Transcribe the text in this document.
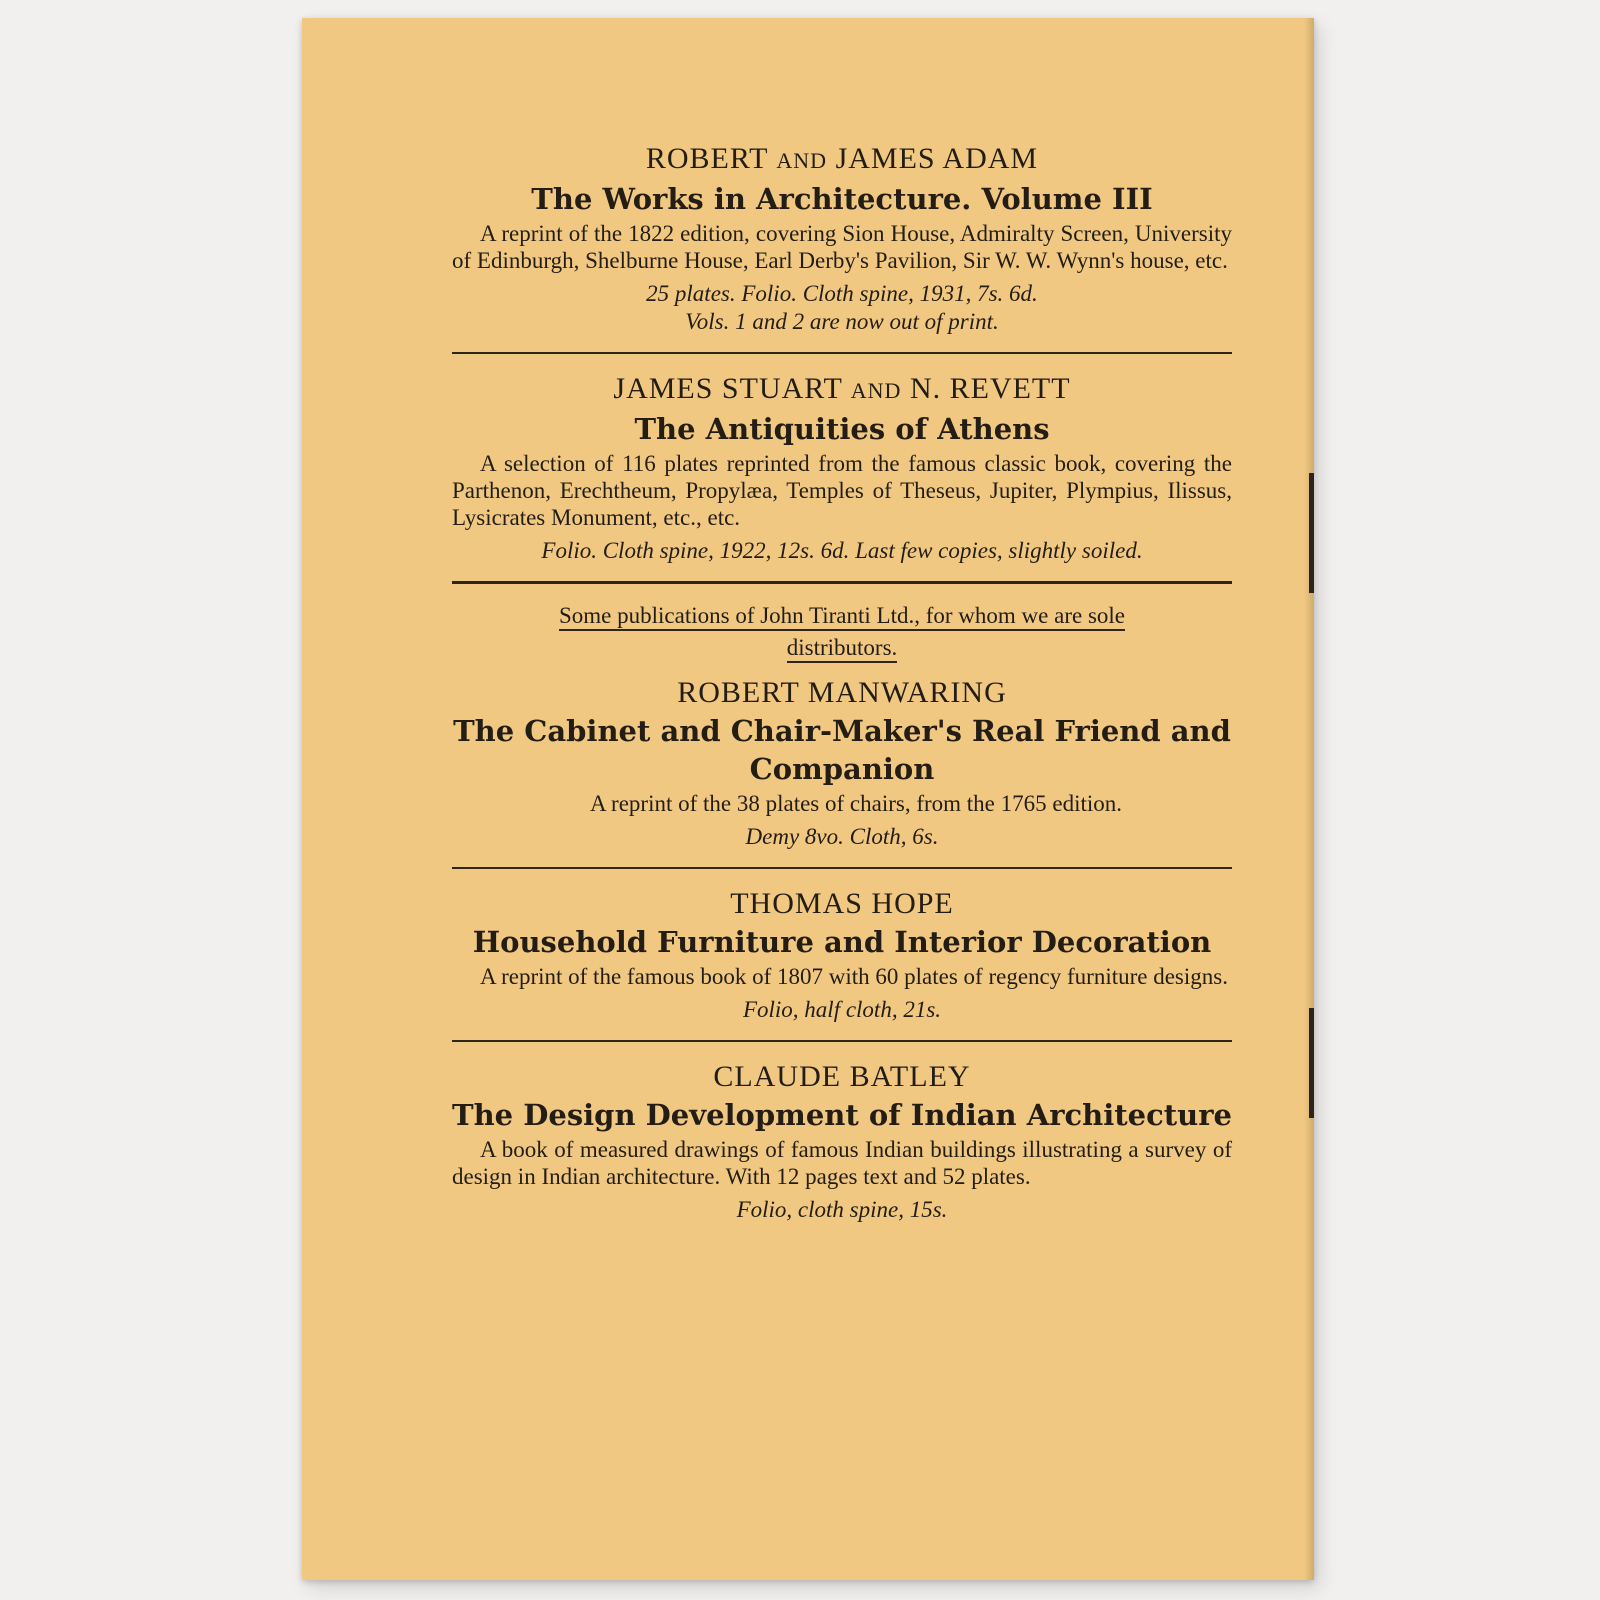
ROBERT AND JAMES ADAM

The Works in Architecture. Volume III

A reprint of the 1822 edition, covering Sion House, Admiralty Screen, University of Edinburgh, Shelburne House, Earl Derby's Pavilion, Sir W. W. Wynn's house, etc.

25 plates. Folio. Cloth spine, 1931, 7s. 6d.

Vols. 1 and 2 are now out of print.

JAMES STUART AND N. REVETT

The Antiquities of Athens

A selection of 116 plates reprinted from the famous classic book, covering the Parthenon, Erechtheum, Propylæa, Temples of Theseus, Jupiter, Plympius, Ilissus, Lysicrates Monument, etc., etc.

Folio. Cloth spine, 1922, 12s. 6d. Last few copies, slightly soiled.

Some publications of John Tiranti Ltd., for whom we are sole

distributors.

ROBERT MANWARING

The Cabinet and Chair-Maker's Real Friend and Companion

A reprint of the 38 plates of chairs, from the 1765 edition.

Demy 8vo. Cloth, 6s.

THOMAS HOPE

Household Furniture and Interior Decoration

A reprint of the famous book of 1807 with 60 plates of regency furniture designs.

Folio, half cloth, 21s.

CLAUDE BATLEY

The Design Development of Indian Architecture

A book of measured drawings of famous Indian buildings illustrating a survey of design in Indian architecture. With 12 pages text and 52 plates.

Folio, cloth spine, 15s.
